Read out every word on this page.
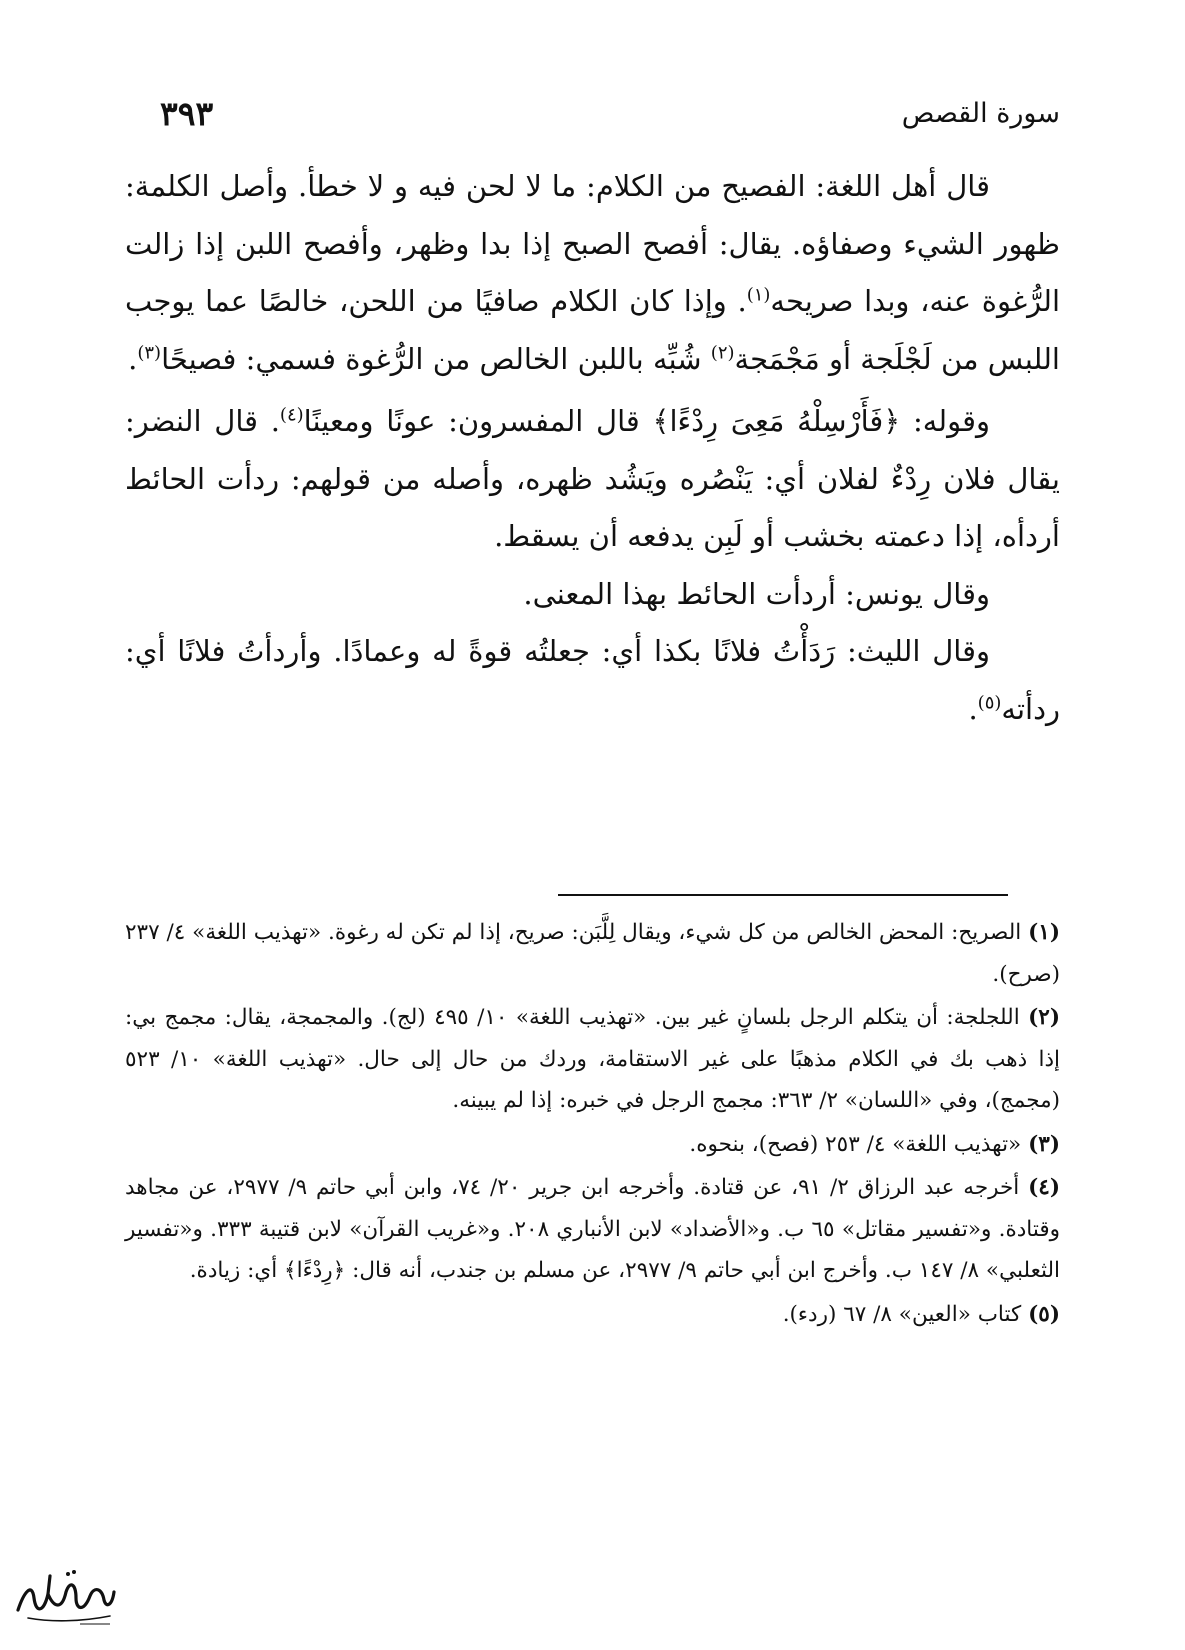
سورة القصص
٣٩٣

قال أهل اللغة: الفصيح من الكلام: ما لا لحن فيه و لا خطأ. وأصل الكلمة: ظهور الشيء وصفاؤه. يقال: أفصح الصبح إذا بدا وظهر، وأفصح اللبن إذا زالت الرُّغوة عنه، وبدا صريحه$^{(١)}$. وإذا كان الكلام صافيًا من اللحن، خالصًا عما يوجب اللبس من لَجْلَجة أو مَجْمَجة$^{(٢)}$ شُبِّه باللبن الخالص من الرُّغوة فسمي: فصيحًا$^{(٣)}$.

وقوله: ﴿فَأَرْسِلْهُ مَعِىَ رِدْءًا﴾ قال المفسرون: عونًا ومعينًا$^{(٤)}$. قال النضر: يقال فلان رِدْءٌ لفلان أي: يَنْصُره ويَشُد ظهره، وأصله من قولهم: ردأت الحائط أردأه، إذا دعمته بخشب أو لَبِن يدفعه أن يسقط.

وقال يونس: أردأت الحائط بهذا المعنى.

وقال الليث: رَدَأْتُ فلانًا بكذا أي: جعلتُه قوةً له وعمادًا. وأردأتُ فلانًا أي: ردأته$^{(٥)}$.

(١) الصريح: المحض الخالص من كل شيء، ويقال لِلَّبَن: صريح، إذا لم تكن له رغوة. «تهذيب اللغة» ٤/ ٢٣٧ (صرح).

(٢) اللجلجة: أن يتكلم الرجل بلسانٍ غير بين. «تهذيب اللغة» ١٠/ ٤٩٥ (لج). والمجمجة، يقال: مجمج بي: إذا ذهب بك في الكلام مذهبًا على غير الاستقامة، وردك من حال إلى حال. «تهذيب اللغة» ١٠/ ٥٢٣ (مجمج)، وفي «اللسان» ٢/ ٣٦٣: مجمج الرجل في خبره: إذا لم يبينه.

(٣) «تهذيب اللغة» ٤/ ٢٥٣ (فصح)، بنحوه.

(٤) أخرجه عبد الرزاق ٢/ ٩١، عن قتادة. وأخرجه ابن جرير ٢٠/ ٧٤، وابن أبي حاتم ٩/ ٢٩٧٧، عن مجاهد وقتادة. و«تفسير مقاتل» ٦٥ ب. و«الأضداد» لابن الأنباري ٢٠٨. و«غريب القرآن» لابن قتيبة ٣٣٣. و«تفسير الثعلبي» ٨/ ١٤٧ ب. وأخرج ابن أبي حاتم ٩/ ٢٩٧٧، عن مسلم بن جندب، أنه قال: ﴿رِدْءًا﴾ أي: زيادة.

(٥) كتاب «العين» ٨/ ٦٧ (ردء).
